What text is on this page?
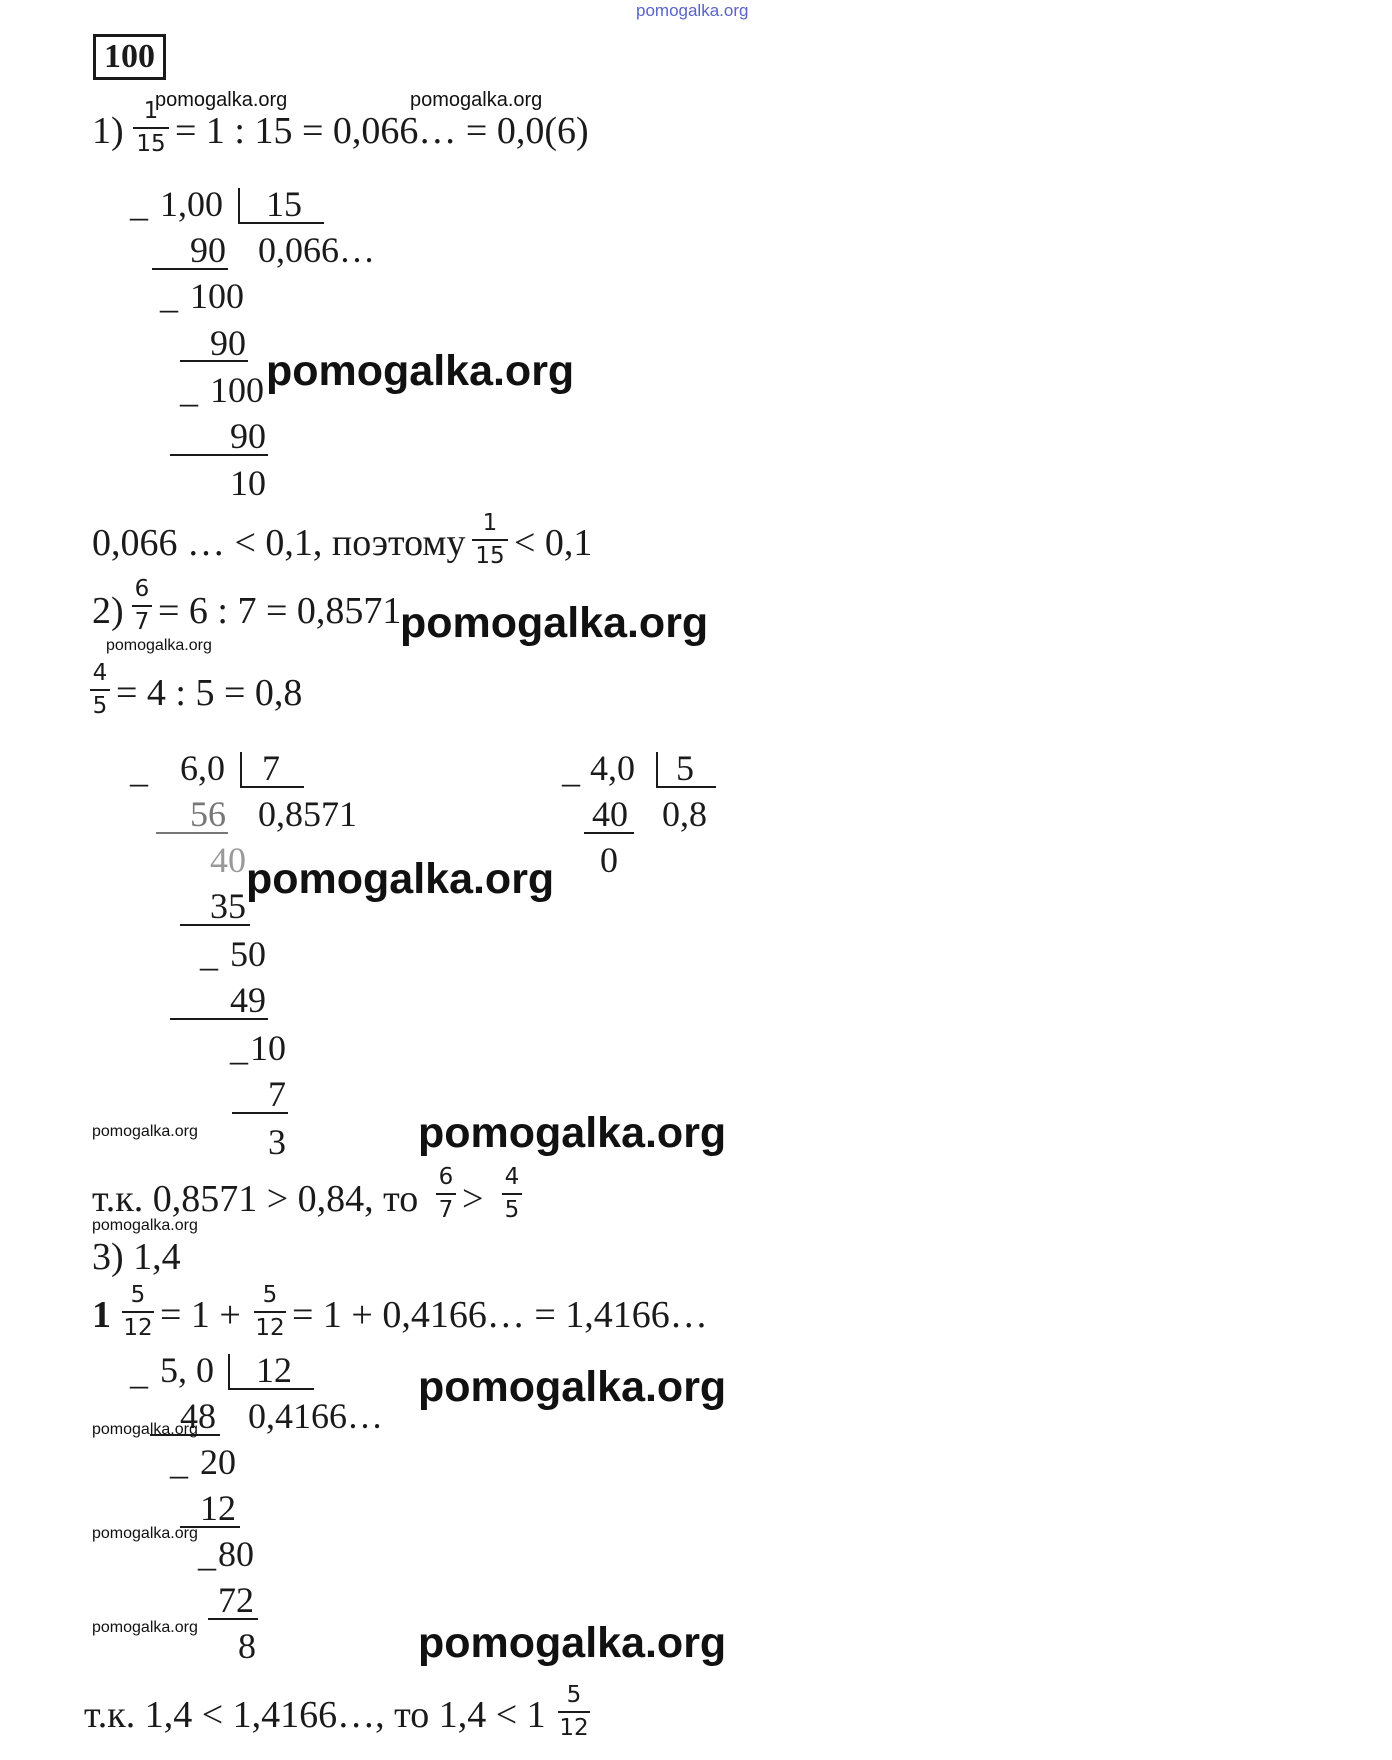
pomogalka.org
100
pomogalka.org	pomogalka.org
$1) \frac{1}{15} = 1$ : 15 = 0,066… = 0,0(6)
_ 1,00 15
90 0,066…
_ 100
90
_ 100
90
10
pomogalka.org
0,066 … < 0,1, поэтому $\frac{1}{15} < 0,1$
$2) \frac{6}{7} = 6$ : 7 = 0,8571
pomogalka.org	pomogalka.org
$\frac{4}{5} = 4$ : 5 = 0,8
_ 6,0 7
56 0,8571
40
35
_ 50
49
_ 10
7
3
pomogalka.org
_ 4,0 5
40 0,8
0
pomogalka.org	pomogalka.org
т.к. 0,8571 > 0,84, то $\frac{6}{7} > \frac{4}{5}$
pomogalka.org
3) 1,4
$1 \frac{5}{12} = 1 + \frac{5}{12} = 1$ + 0,4166… = 1,4166…
_ 5, 0 12
48 0,4166…
_ 20
12
_ 80
72
8
pomogalka.org
pomogalka.org
pomogalka.org
pomogalka.org	pomogalka.org
т.к. 1,4 < 1,4166…, то $1,4 < 1 \frac{5}{12}$
